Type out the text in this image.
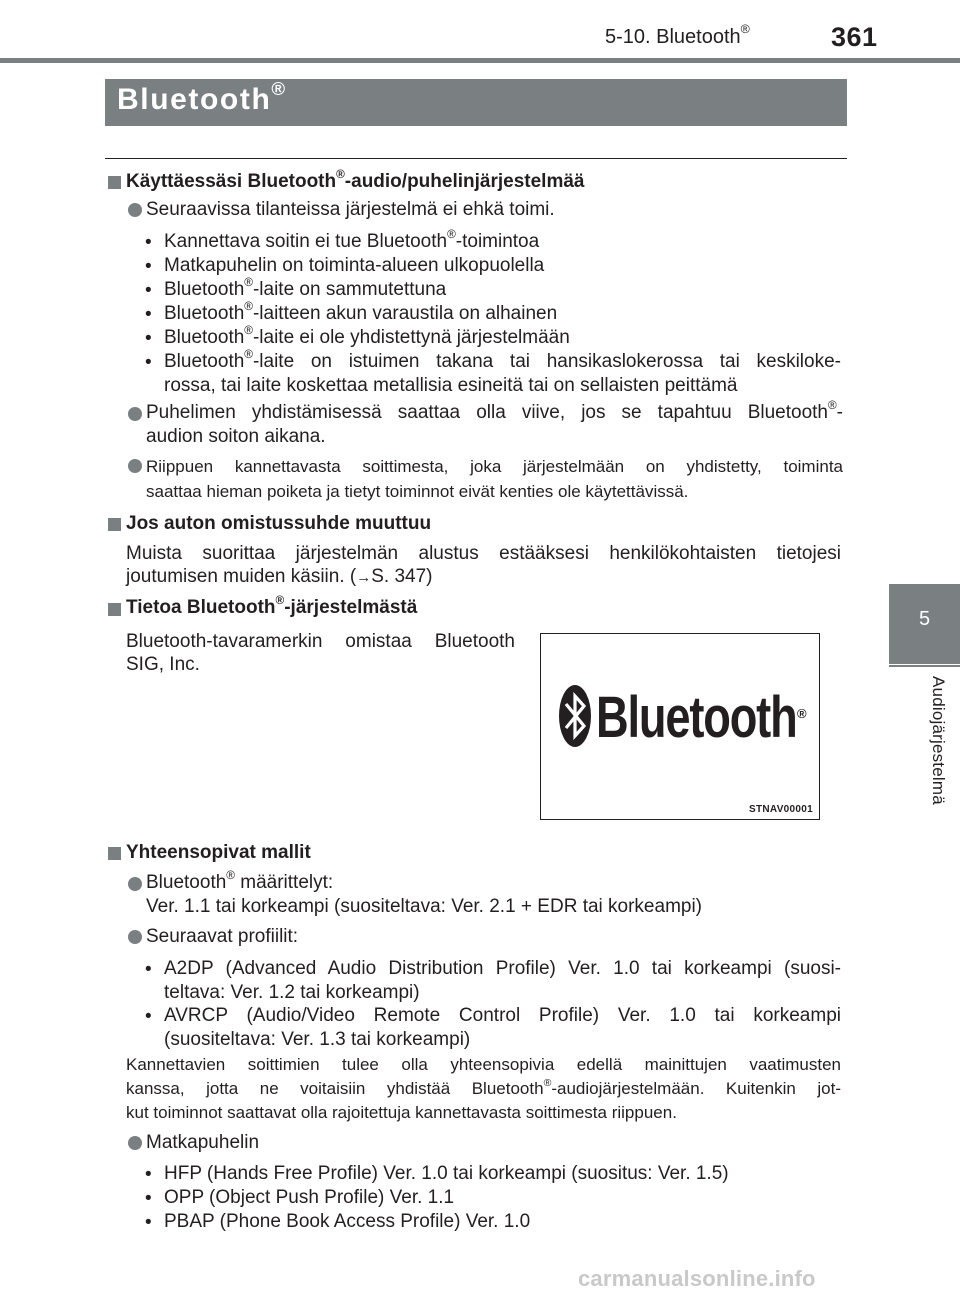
5-10. Bluetooth®	361
5
Audiojärjestelmä
Bluetooth®
Käyttäessäsi Bluetooth®-audio/puhelinjärjestelmää
Seuraavissa tilanteissa järjestelmä ei ehkä toimi.
• Kannettava soitin ei tue Bluetooth®-toimintoa
• Matkapuhelin on toiminta-alueen ulkopuolella
• Bluetooth®-laite on sammutettuna
• Bluetooth®-laitteen akun varaustila on alhainen
• Bluetooth®-laite ei ole yhdistettynä järjestelmään
• Bluetooth®-laite on istuimen takana tai hansikaslokerossa tai keskiloke-
rossa, tai laite koskettaa metallisia esineitä tai on sellaisten peittämä
Puhelimen yhdistämisessä saattaa olla viive, jos se tapahtuu Bluetooth®-
audion soiton aikana.
Riippuen kannettavasta soittimesta, joka järjestelmään on yhdistetty, toiminta
saattaa hieman poiketa ja tietyt toiminnot eivät kenties ole käytettävissä.
Jos auton omistussuhde muuttuu
Muista suorittaa järjestelmän alustus estääksesi henkilökohtaisten tietojesi
joutumisen muiden käsiin. (→S. 347)
Tietoa Bluetooth®-järjestelmästä
Bluetooth-tavaramerkin omistaa Bluetooth
SIG, Inc.
Bluetooth ®
STNAV00001
Yhteensopivat mallit
Bluetooth® määrittelyt:
Ver. 1.1 tai korkeampi (suositeltava: Ver. 2.1 + EDR tai korkeampi)
Seuraavat profiilit:
• A2DP (Advanced Audio Distribution Profile) Ver. 1.0 tai korkeampi (suosi-
teltava: Ver. 1.2 tai korkeampi)
• AVRCP (Audio/Video Remote Control Profile) Ver. 1.0 tai korkeampi
(suositeltava: Ver. 1.3 tai korkeampi)
Kannettavien soittimien tulee olla yhteensopivia edellä mainittujen vaatimusten
kanssa, jotta ne voitaisiin yhdistää Bluetooth®-audiojärjestelmään. Kuitenkin jot-
kut toiminnot saattavat olla rajoitettuja kannettavasta soittimesta riippuen.
Matkapuhelin
• HFP (Hands Free Profile) Ver. 1.0 tai korkeampi (suositus: Ver. 1.5)
• OPP (Object Push Profile) Ver. 1.1
• PBAP (Phone Book Access Profile) Ver. 1.0
carmanualsonline.info
